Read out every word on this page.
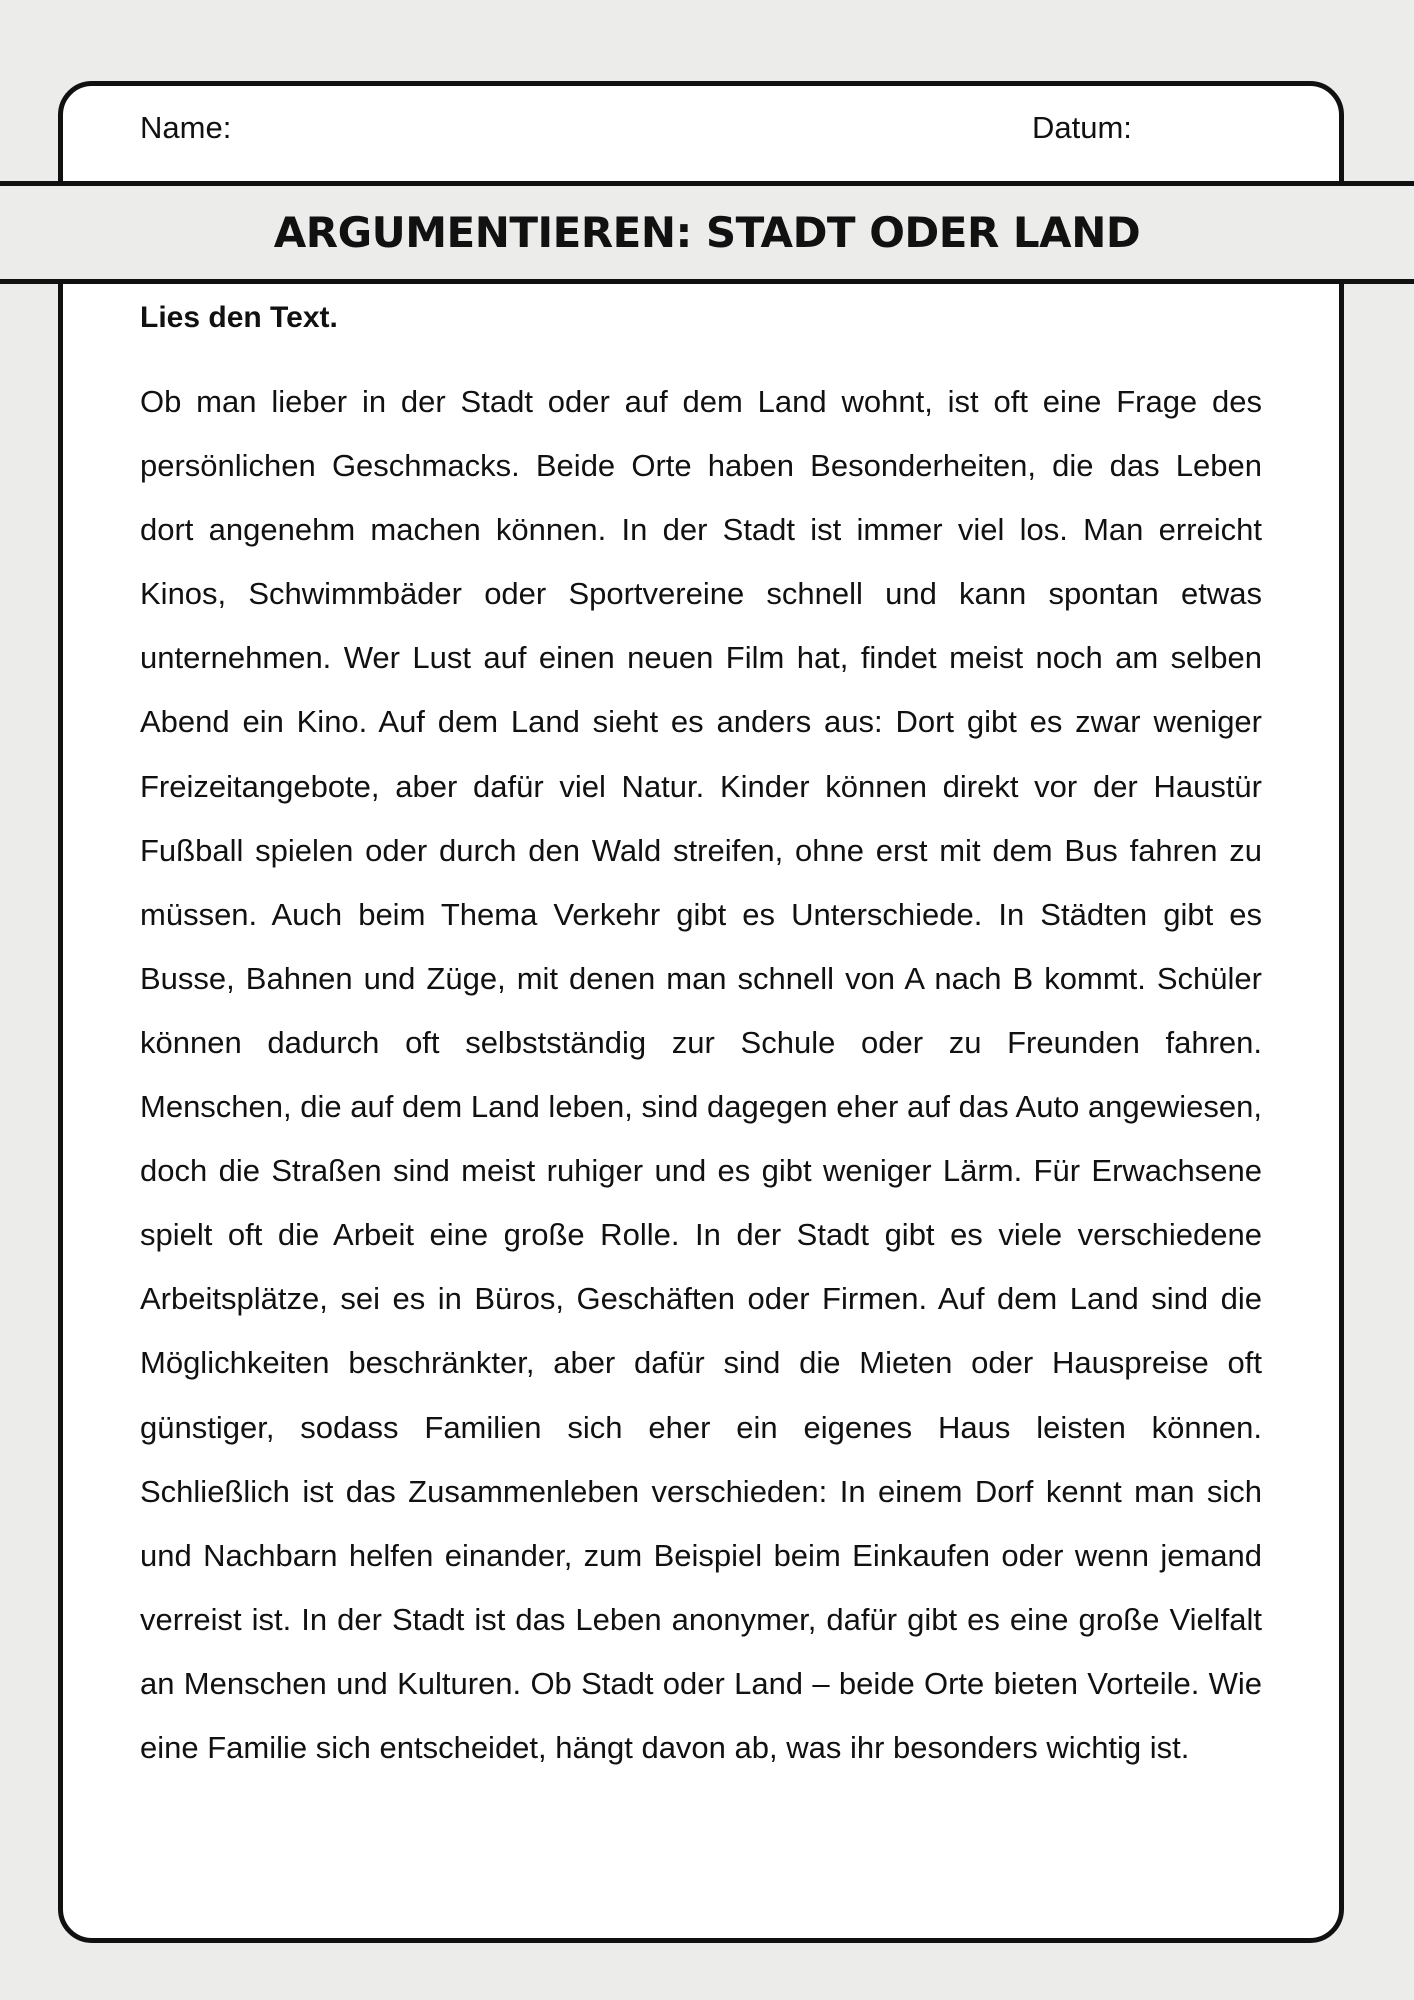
Name:	Datum:
ARGUMENTIEREN: STADT ODER LAND
Lies den Text.

Ob man lieber in der Stadt oder auf dem Land wohnt, ist oft eine Frage des persönlichen Geschmacks. Beide Orte haben Besonderheiten, die das Leben dort angenehm machen können. In der Stadt ist immer viel los. Man erreicht Kinos, Schwimmbäder oder Sportvereine schnell und kann spontan etwas unternehmen. Wer Lust auf einen neuen Film hat, findet meist noch am selben Abend ein Kino. Auf dem Land sieht es anders aus: Dort gibt es zwar weniger Freizeitangebote, aber dafür viel Natur. Kinder können direkt vor der Haustür Fußball spielen oder durch den Wald streifen, ohne erst mit dem Bus fahren zu müssen. Auch beim Thema Verkehr gibt es Unterschiede. In Städten gibt es Busse, Bahnen und Züge, mit denen man schnell von A nach B kommt. Schüler können dadurch oft selbstständig zur Schule oder zu Freunden fahren. Menschen, die auf dem Land leben, sind dagegen eher auf das Auto angewiesen, doch die Straßen sind meist ruhiger und es gibt weniger Lärm. Für Erwachsene spielt oft die Arbeit eine große Rolle. In der Stadt gibt es viele verschiedene Arbeitsplätze, sei es in Büros, Geschäften oder Firmen. Auf dem Land sind die Möglichkeiten beschränkter, aber dafür sind die Mieten oder Hauspreise oft günstiger, sodass Familien sich eher ein eigenes Haus leisten können. Schließlich ist das Zusammenleben verschieden: In einem Dorf kennt man sich und Nachbarn helfen einander, zum Beispiel beim Einkaufen oder wenn jemand verreist ist. In der Stadt ist das Leben anonymer, dafür gibt es eine große Vielfalt an Menschen und Kulturen. Ob Stadt oder Land – beide Orte bieten Vorteile. Wie eine Familie sich entscheidet, hängt davon ab, was ihr besonders wichtig ist.
